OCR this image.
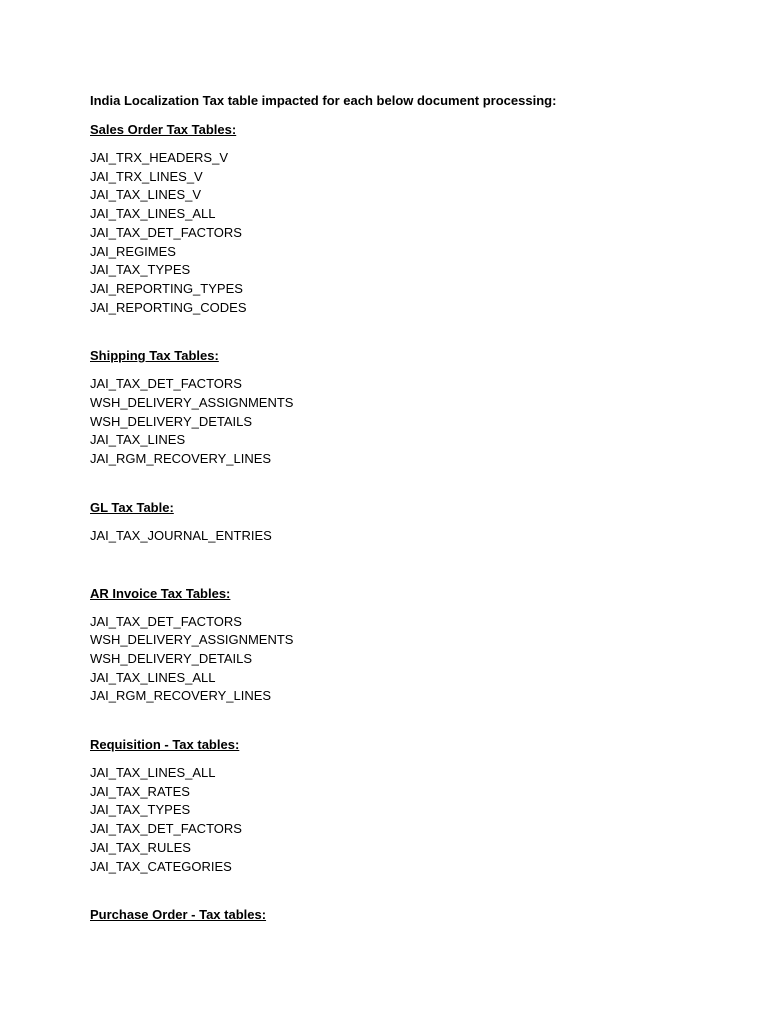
India Localization Tax table impacted for each below document processing:
Sales Order Tax Tables:
JAI_TRX_HEADERS_V
JAI_TRX_LINES_V
JAI_TAX_LINES_V
JAI_TAX_LINES_ALL
JAI_TAX_DET_FACTORS
JAI_REGIMES
JAI_TAX_TYPES
JAI_REPORTING_TYPES
JAI_REPORTING_CODES
Shipping Tax Tables:
JAI_TAX_DET_FACTORS
WSH_DELIVERY_ASSIGNMENTS
WSH_DELIVERY_DETAILS
JAI_TAX_LINES
JAI_RGM_RECOVERY_LINES
GL Tax Table:
JAI_TAX_JOURNAL_ENTRIES
AR Invoice Tax Tables:
JAI_TAX_DET_FACTORS
WSH_DELIVERY_ASSIGNMENTS
WSH_DELIVERY_DETAILS
JAI_TAX_LINES_ALL
JAI_RGM_RECOVERY_LINES
Requisition - Tax tables:
JAI_TAX_LINES_ALL
JAI_TAX_RATES
JAI_TAX_TYPES
JAI_TAX_DET_FACTORS
JAI_TAX_RULES
JAI_TAX_CATEGORIES
Purchase Order - Tax tables:
